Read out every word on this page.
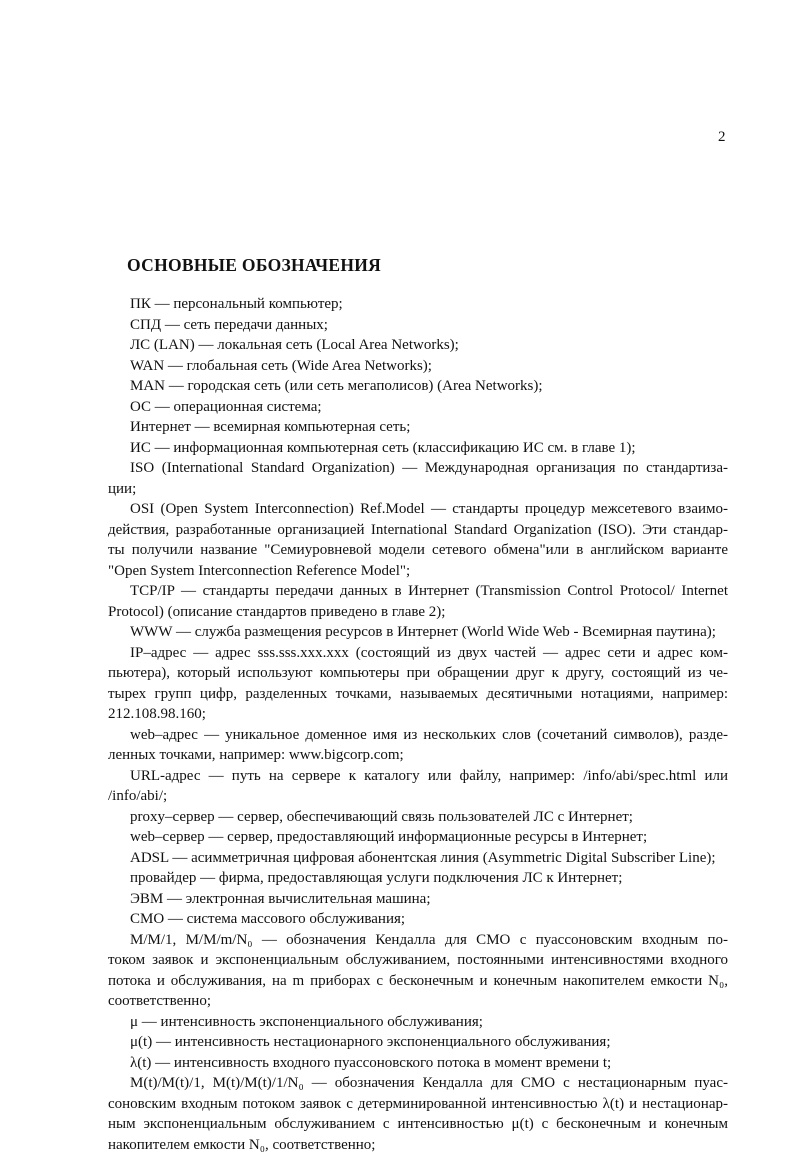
2
ОСНОВНЫЕ ОБОЗНАЧЕНИЯ
ПК — персональный компьютер;
СПД — сеть передачи данных;
ЛС (LAN) — локальная сеть (Local Area Networks);
WAN — глобальная сеть (Wide Area Networks);
MAN — городская сеть (или сеть мегаполисов) (Area Networks);
ОС — операционная система;
Интернет — всемирная компьютерная сеть;
ИС — информационная компьютерная сеть (классификацию ИС см. в главе 1);
ISO (International Standard Organization) — Международная организация по стандартиза-
ции;
OSI (Open System Interconnection) Ref.Model — стандарты процедур межсетевого взаимо-
действия, разработанные организацией International Standard Organization (ISO). Эти стандар-
ты получили название "Семиуровневой модели сетевого обмена"или в английском варианте
"Open System Interconnection Reference Model";
TCP/IP — стандарты передачи данных в Интернет (Transmission Control Protocol/ Internet
Protocol) (описание стандартов приведено в главе 2);
WWW — служба размещения ресурсов в Интернет (World Wide Web - Всемирная паутина);
IP–адрес — адрес sss.sss.xxx.xxx (состоящий из двух частей — адрес сети и адрес ком-
пьютера), который используют компьютеры при обращении друг к другу, состоящий из че-
тырех групп цифр, разделенных точками, называемых десятичными нотациями, например:
212.108.98.160;
web–адрес — уникальное доменное имя из нескольких слов (сочетаний символов), разде-
ленных точками, например: www.bigcorp.com;
URL-адрес — путь на сервере к каталогу или файлу, например: /info/abi/spec.html или
/info/abi/;
proxy–сервер — сервер, обеспечивающий связь пользователей ЛС с Интернет;
web–сервер — сервер, предоставляющий информационные ресурсы в Интернет;
ADSL — асимметричная цифровая абонентская линия (Asymmetric Digital Subscriber Line);
провайдер — фирма, предоставляющая услуги подключения ЛС к Интернет;
ЭВМ — электронная вычислительная машина;
СМО — система массового обслуживания;
M/M/1, M/M/m/N₀ — обозначения Кендалла для СМО с пуассоновским входным по-
током заявок и экспоненциальным обслуживанием, постоянными интенсивностями входного
потока и обслуживания, на m приборах с бесконечным и конечным накопителем емкости N₀,
соответственно;
μ — интенсивность экспоненциального обслуживания;
μ(t) — интенсивность нестационарного экспоненциального обслуживания;
λ(t) — интенсивность входного пуассоновского потока в момент времени t;
M(t)/M(t)/1, M(t)/M(t)/1/N₀ — обозначения Кендалла для СМО с нестационарным пуас-
соновским входным потоком заявок с детерминированной интенсивностью λ(t) и нестационар-
ным экспоненциальным обслуживанием с интенсивностью μ(t) с бесконечным и конечным
накопителем емкости N₀, соответственно;
